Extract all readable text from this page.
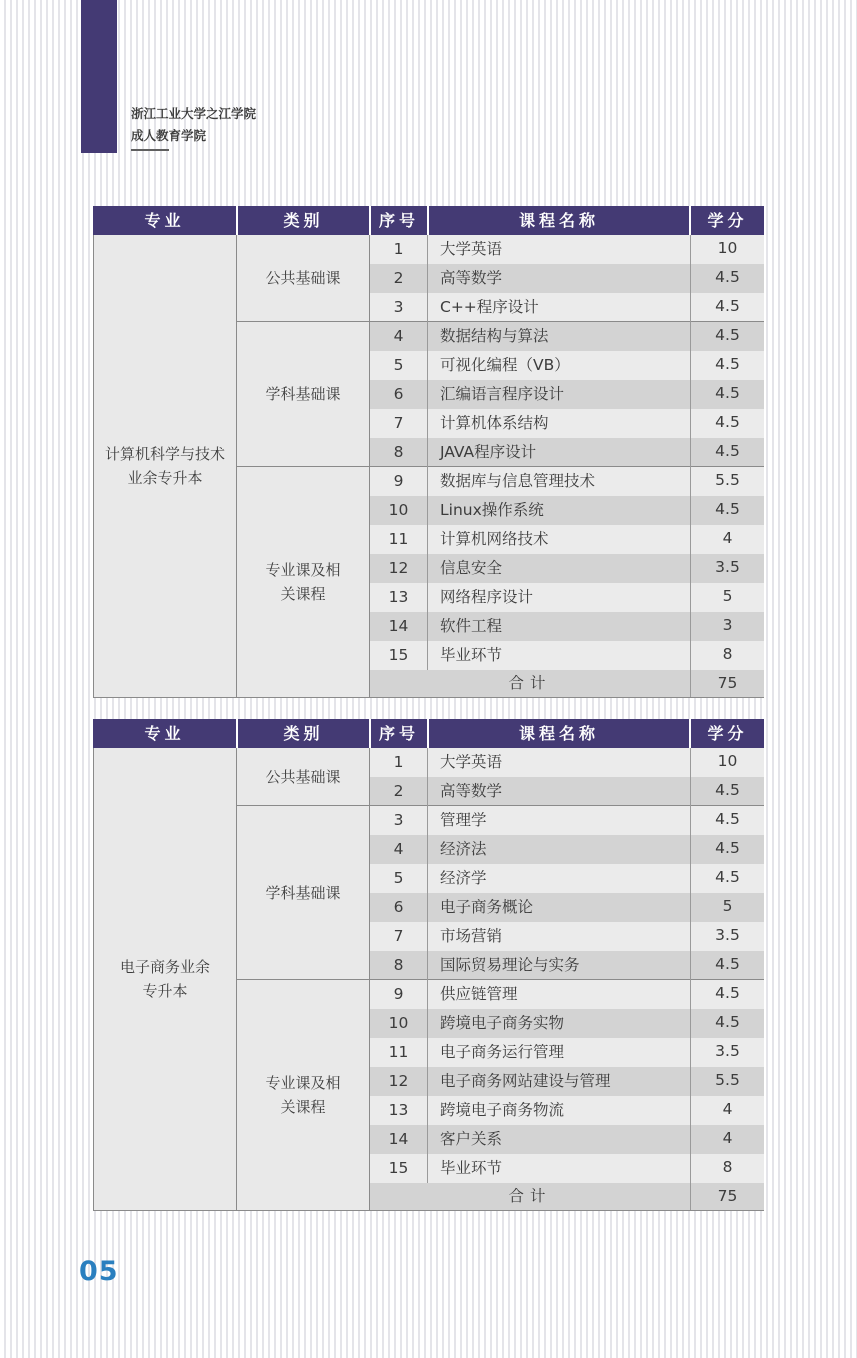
浙江工业大学之江学院
成人教育学院
专业	类别	序号	课程名称	学分
计算机科学与技术
业余专升本
公共基础课
1	大学英语	10
2	高等数学	4.5
3	C++程序设计	4.5
学科基础课
4	数据结构与算法	4.5
5	可视化编程（VB）	4.5
6	汇编语言程序设计	4.5
7	计算机体系结构	4.5
8	JAVA程序设计	4.5
专业课及相
关课程
9	数据库与信息管理技术	5.5
10	Linux操作系统	4.5
11	计算机网络技术	4
12	信息安全	3.5
13	网络程序设计	5
14	软件工程	3
15	毕业环节	8
合计	75
专业	类别	序号	课程名称	学分
电子商务业余
专升本
公共基础课
1	大学英语	10
2	高等数学	4.5
学科基础课
3	管理学	4.5
4	经济法	4.5
5	经济学	4.5
6	电子商务概论	5
7	市场营销	3.5
8	国际贸易理论与实务	4.5
专业课及相
关课程
9	供应链管理	4.5
10	跨境电子商务实物	4.5
11	电子商务运行管理	3.5
12	电子商务网站建设与管理	5.5
13	跨境电子商务物流	4
14	客户关系	4
15	毕业环节	8
合计	75
05
